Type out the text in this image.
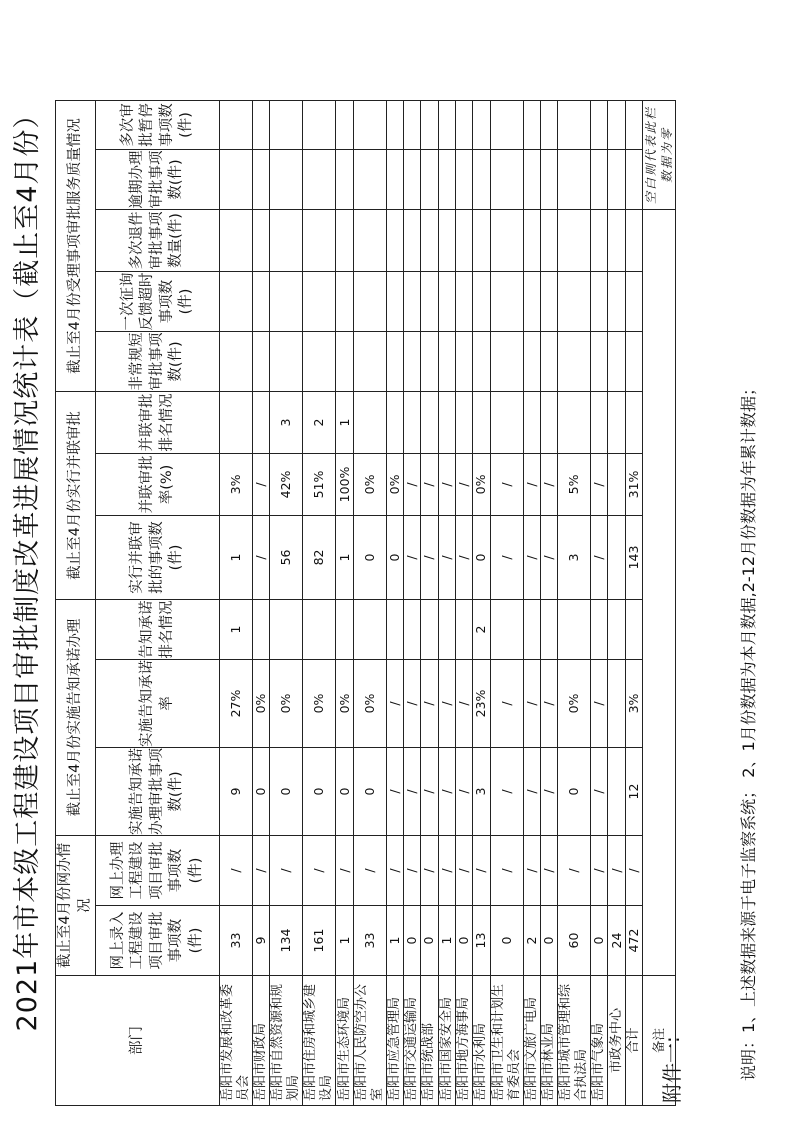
附件一:
2021年市本级工程建设项目审批制度改革进展情况统计表（截止至4月份）
部门	截止至4月份网办情况		截止至4月份实施告知承诺办理			截止至4月份实行并联审批			截止至4月份受理事项审批服务质量情况				
	网上录入工程建设项目审批事项数(件)	网上办理工程建设项目审批事项数(件)	实施告知承诺办理审批事项数(件)	实施告知承诺率	告知承诺排名情况	实行并联审批的事项数(件)	并联审批率(%)	并联审批排名情况	非常规短审批事项数(件)	一次征询反馈超时事项数(件)	多次退件审批事项数量(件)	逾期办理审批事项数(件)	多次审批暂停事项数(件)
岳阳市发展和改革委员会	33	/	9	27%	1	1	3%						
岳阳市财政局	9	/	0	0%		/	/						
岳阳市自然资源和规划局	134	/	0	0%		56	42%	3					
岳阳市住房和城乡建设局	161	/	0	0%		82	51%	2					
岳阳市生态环境局	1	/	0	0%		1	100%	1					
岳阳市人民防空办公室	33	/	0	0%		0	0%						
岳阳市应急管理局	1	/	/	/		0	0%						
岳阳市交通运输局	0	/	/	/		/	/						
岳阳市统战部	0	/	/	/		/	/						
岳阳市国家安全局	1	/	/	/		/	/						
岳阳市地方海事局	0	/	/	/		/	/						
岳阳市水利局	13	/	3	23%	2	0	0%						
岳阳市卫生和计划生育委员会	0	/	/	/		/	/						
岳阳市文旅广电局	2	/	/	/		/	/						
岳阳市林业局	0	/	/	/		/	/						
岳阳市城市管理和综合执法局	60	/	0	0%		3	5%						
岳阳市气象局	0	/	/	/		/	/						
市政务中心	24	/											
合计	472	/	12	3%		143	31%						
备注												空白则代表此栏数据为零	
说明：1、上述数据来源于电子监察系统； 2、1月份数据为本月数据,2-12月份数据为年累计数据；
